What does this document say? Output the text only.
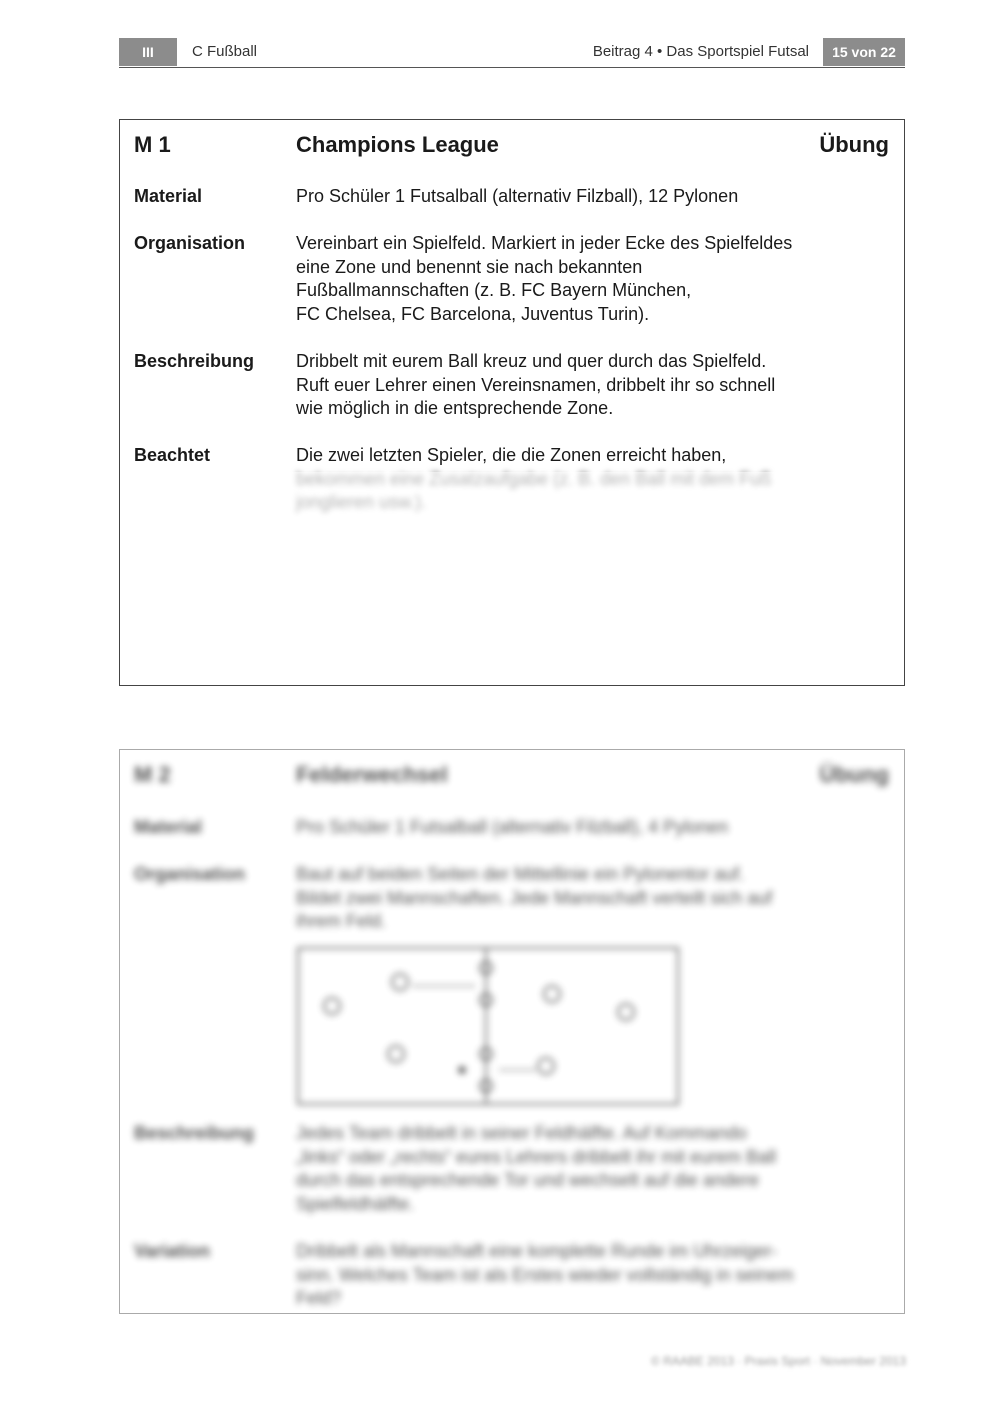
III	C Fußball	Beitrag 4 • Das Sportspiel Futsal	15 von 22
M 1	Champions League	Übung
Material	Pro Schüler 1 Futsalball (alternativ Filzball), 12 Pylonen
Organisation	Vereinbart ein Spielfeld. Markiert in jeder Ecke des Spielfeldes
eine Zone und benennt sie nach bekannten
Fußballmannschaften (z. B. FC Bayern München,
FC Chelsea, FC Barcelona, Juventus Turin).
Beschreibung Dribbelt mit eurem Ball kreuz und quer durch das Spielfeld.
Ruft euer Lehrer einen Vereinsnamen, dribbelt ihr so schnell
wie möglich in die entsprechende Zone.
Beachtet	Die zwei letzten Spieler, die die Zonen erreicht haben,
M 2	Felderwechsel	Übung
Material	Pro Schüler 1 Futsalball (alternativ Filzball), 4 Pylonen
Organisation	Baut auf beiden Seiten der Mittellinie ein Pylonentor auf.
Bildet zwei Mannschaften. Jede Mannschaft verteilt sich auf
ihrem Feld.
Beschreibung Jedes Team dribbelt in seiner Feldhälfte. Auf Kommando
„links“ oder „rechts“ eures Lehrers dribbelt ihr mit eurem Ball
durch das entsprechende Tor und wechselt auf die andere
Spielfeldhälfte.
Variation	Dribbelt als Mannschaft eine komplette Runde im Uhrzeiger-
sinn. Welches Team ist als Erstes wieder vollständig in seinem
Feld?
© RAABE 2013 · Praxis Sport · November 2013
